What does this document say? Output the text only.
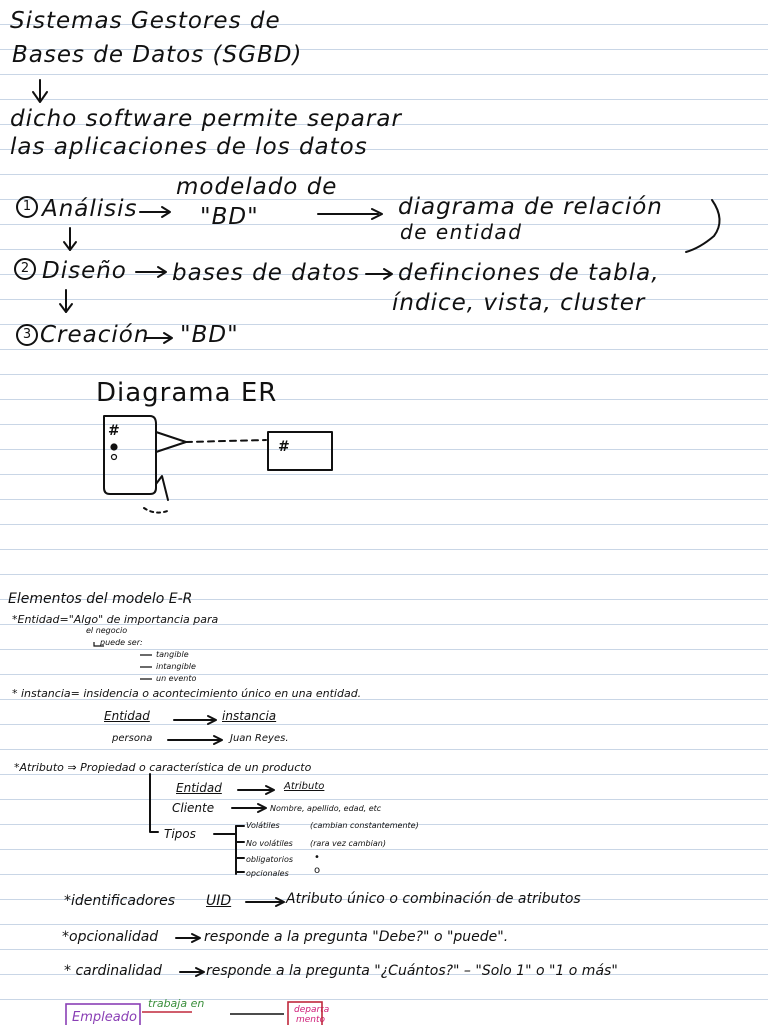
Sistemas Gestores de
Bases de Datos (SGBD)
dicho software permite separar
las aplicaciones de los datos
1 Análisis
modelado de
"BD"	diagrama de relación
de entidad
2 Diseño bases de datos definciones de tabla,
índice, vista, cluster
3 Creación "BD"
Diagrama ER
#
#
Elementos del modelo E-R
*Entidad="Algo" de importancia para
el negocio
puede ser:
tangible
intangible
un evento
* instancia= insidencia o acontecimiento único en una entidad.
Entidad	instancia
persona	Juan Reyes.
*Atributo ⇒ Propiedad o característica de un producto
Entidad	Atributo
Cliente	Nombre, apellido, edad, etc
Tipos
Volátiles	(cambian constantemente)
No volátiles (rara vez cambian)
obligatorios •
opcionales	o
*identificadores UID	Atributo único o combinación de atributos
*opcionalidad	responde a la pregunta "Debe?" o "puede".
* cardinalidad	responde a la pregunta "¿Cuántos?" – "Solo 1" o "1 o más"
Empleado
trabaja en	departa
mento
